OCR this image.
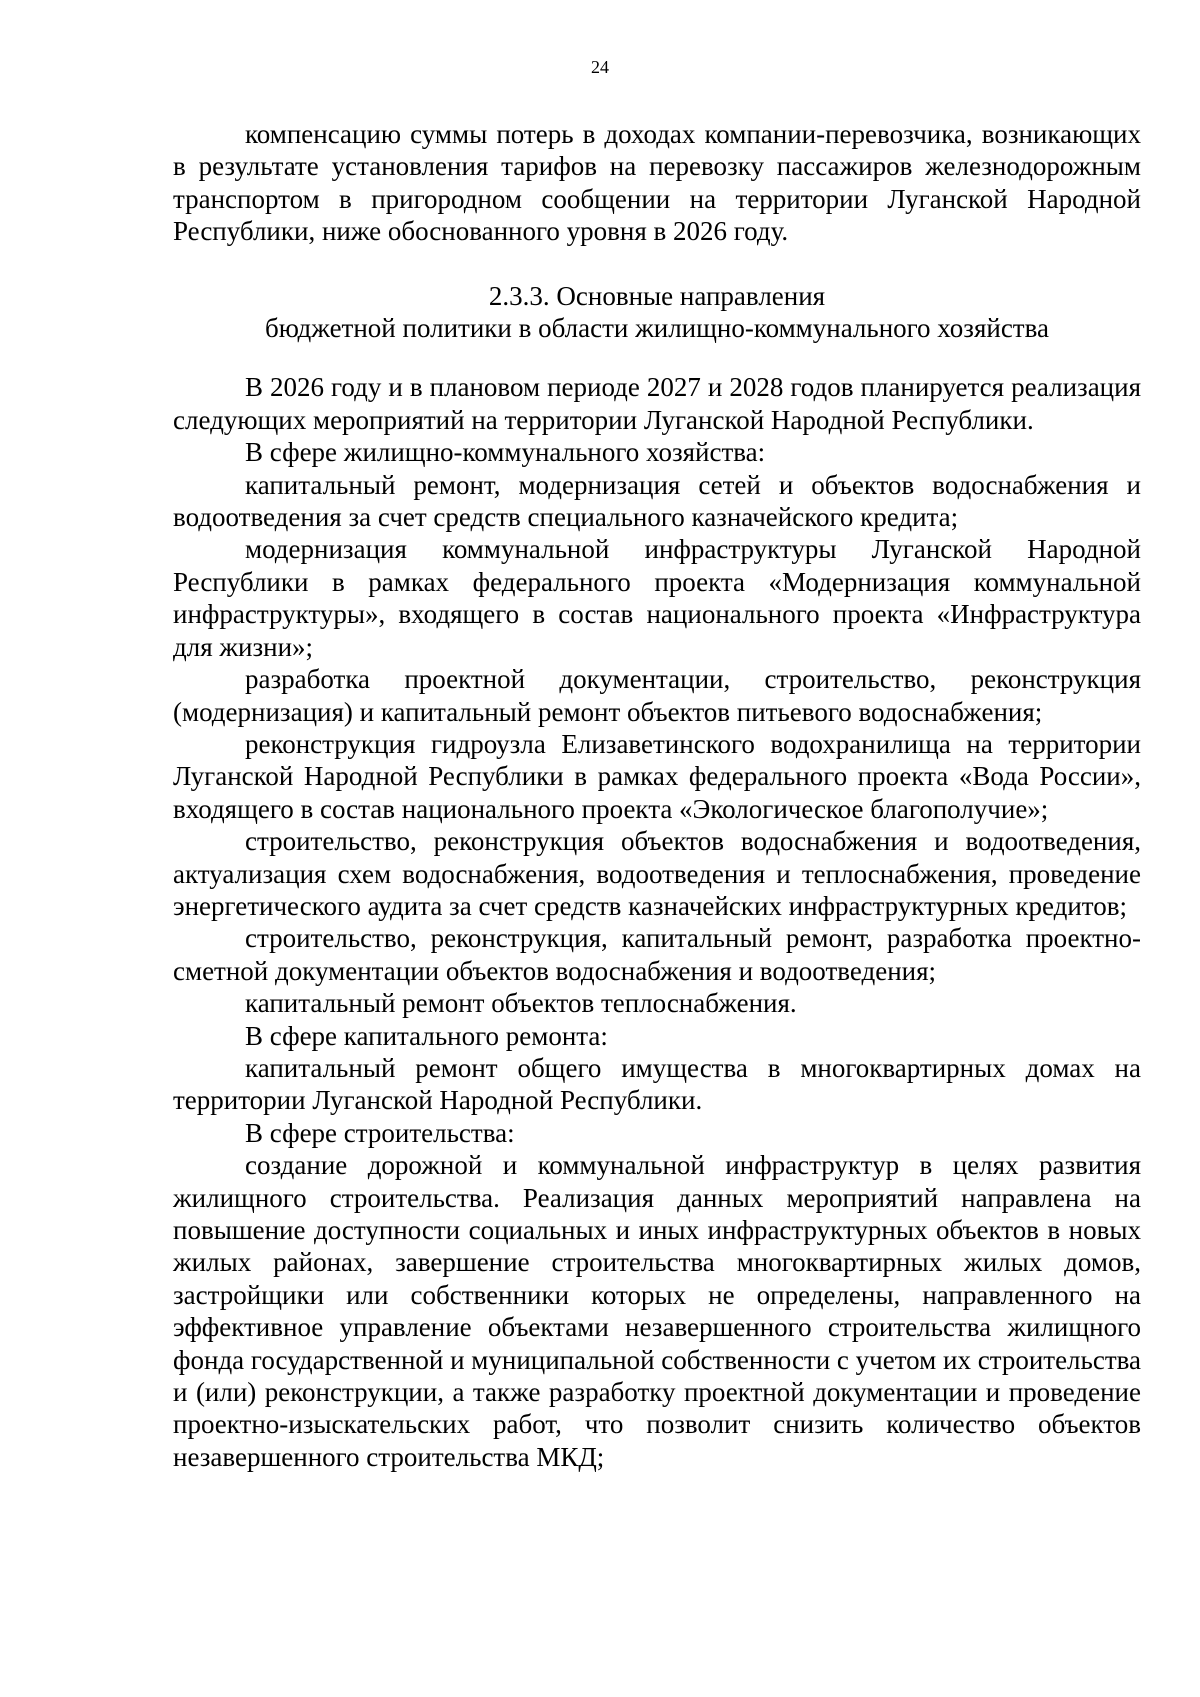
24

компенсацию суммы потерь в доходах компании-перевозчика, возникающих в результате установления тарифов на перевозку пассажиров железнодорожным транспортом в пригородном сообщении на территории Луганской Народной Республики, ниже обоснованного уровня в 2026 году.

2.3.3. Основные направления

бюджетной политики в области жилищно-коммунального хозяйства

В 2026 году и в плановом периоде 2027 и 2028 годов планируется реализация следующих мероприятий на территории Луганской Народной Республики.

В сфере жилищно-коммунального хозяйства:

капитальный ремонт, модернизация сетей и объектов водоснабжения и водоотведения за счет средств специального казначейского кредита;

модернизация коммунальной инфраструктуры Луганской Народной Республики в рамках федерального проекта «Модернизация коммунальной инфраструктуры», входящего в состав национального проекта «Инфраструктура для жизни»;

разработка проектной документации, строительство, реконструкция (модернизация) и капитальный ремонт объектов питьевого водоснабжения;

реконструкция гидроузла Елизаветинского водохранилища на территории Луганской Народной Республики в рамках федерального проекта «Вода России», входящего в состав национального проекта «Экологическое благополучие»;

строительство, реконструкция объектов водоснабжения и водоотведения, актуализация схем водоснабжения, водоотведения и теплоснабжения, проведение энергетического аудита за счет средств казначейских инфраструктурных кредитов;

строительство, реконструкция, капитальный ремонт, разработка проектно-сметной документации объектов водоснабжения и водоотведения;

капитальный ремонт объектов теплоснабжения.

В сфере капитального ремонта:

капитальный ремонт общего имущества в многоквартирных домах на территории Луганской Народной Республики.

В сфере строительства:

создание дорожной и коммунальной инфраструктур в целях развития жилищного строительства. Реализация данных мероприятий направлена на повышение доступности социальных и иных инфраструктурных объектов в новых жилых районах, завершение строительства многоквартирных жилых домов, застройщики или собственники которых не определены, направленного на эффективное управление объектами незавершенного строительства жилищного фонда государственной и муниципальной собственности с учетом их строительства и (или) реконструкции, а также разработку проектной документации и проведение проектно-изыскательских работ, что позволит снизить количество объектов незавершенного строительства МКД;
